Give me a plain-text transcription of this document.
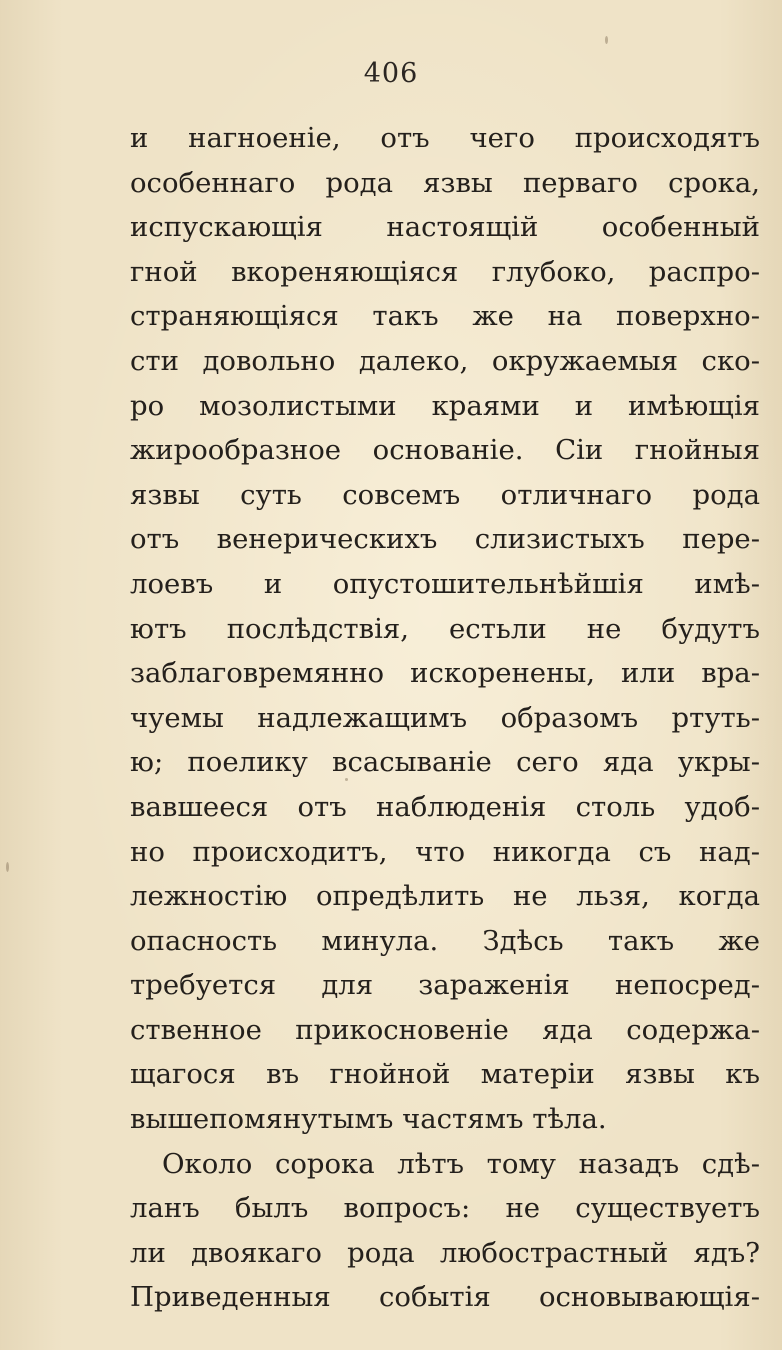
406
и нагноеніе, отъ чего происходятъ
особеннаго рода язвы перваго срока,
испускающія настоящій особенный
гной вкореняющіяся глубоко, распро-
страняющіяся такъ же на поверхно-
сти довольно далеко, окружаемыя ско-
ро мозолистыми краями и имѣющія
жирообразное основаніе. Сіи гнойныя
язвы суть совсемъ отличнаго рода
отъ венерическихъ слизистыхъ пере-
лоевъ и опустошительнѣйшія имѣ-
ютъ послѣдствія, естьли не будутъ
заблаговремянно искоренены, или вра-
чуемы надлежащимъ образомъ ртуть-
ю; поелику всасываніе сего яда укры-
вавшееся отъ наблюденія столь удоб-
но происходитъ, что никогда съ над-
лежностію опредѣлить не льзя, когда
опасность минула. Здѣсь такъ же
требуется для зараженія непосред-
ственное прикосновеніе яда содержа-
щагося въ гнойной матеріи язвы къ
вышепомянутымъ частямъ тѣла.
Около сорока лѣтъ тому назадъ сдѣ-
ланъ былъ вопросъ: не существуетъ
ли двоякаго рода любострастный ядъ?
Приведенныя событія основывающія-
